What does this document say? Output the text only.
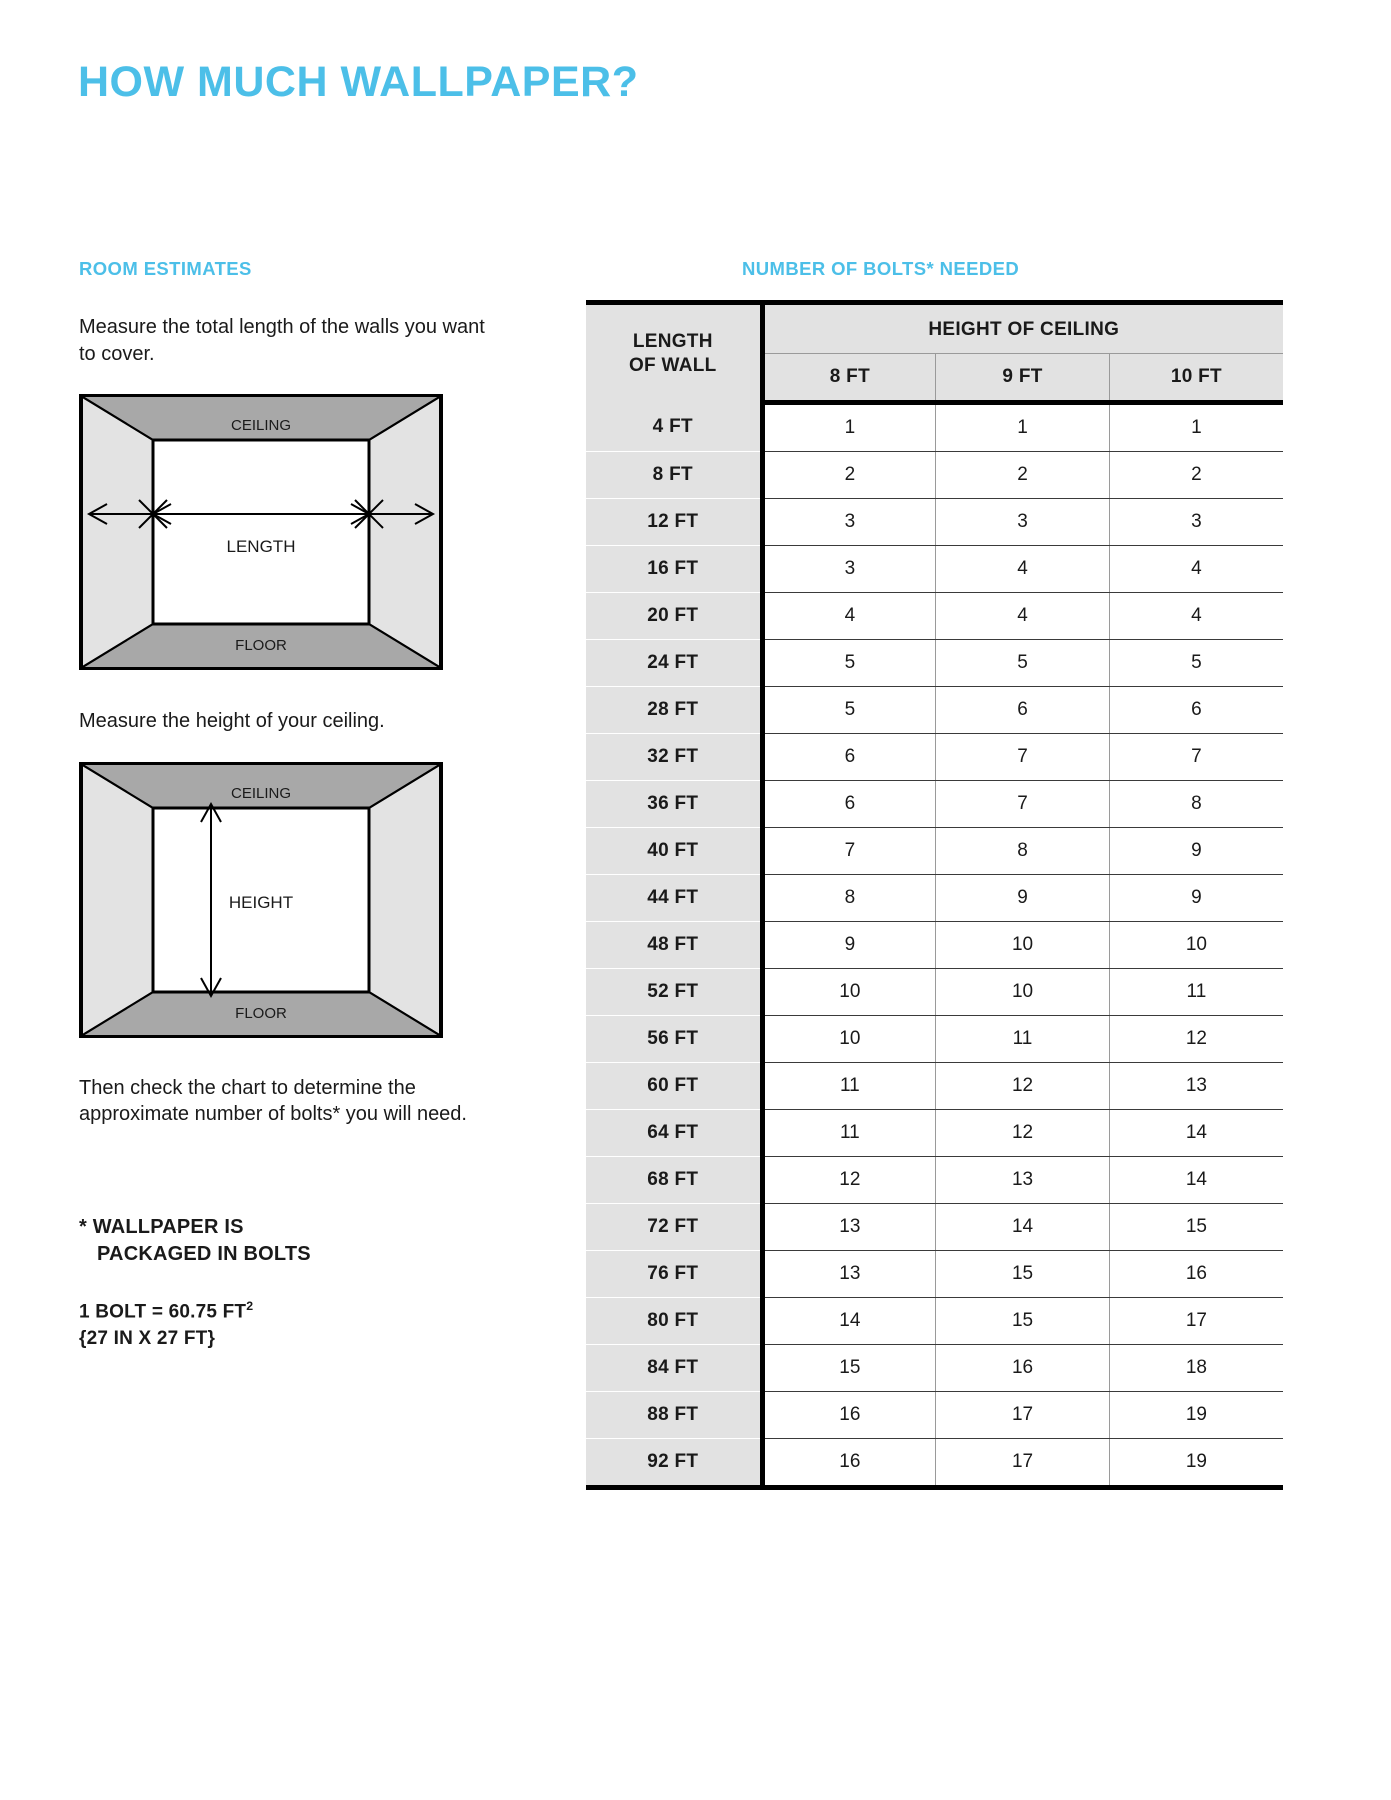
HOW MUCH WALLPAPER?
ROOM ESTIMATES
Measure the total length of the walls you want to cover.
LENGTH
CEILING
FLOOR
Measure the height of your ceiling.
HEIGHT
CEILING
FLOOR
Then check the chart to determine the approximate number of bolts* you will need.
* WALLPAPER IS
PACKAGED IN BOLTS
1 BOLT = 60.75 $FT^2$
{27 IN X 27 FT}
NUMBER OF BOLTS* NEEDED

LENGTH
OF WALL	HEIGHT OF CEILING		
	8 FT	9 FT	10 FT
4 FT	1	1	1
8 FT	2	2	2
12 FT	3	3	3
16 FT	3	4	4
20 FT	4	4	4
24 FT	5	5	5
28 FT	5	6	6
32 FT	6	7	7
36 FT	6	7	8
40 FT	7	8	9
44 FT	8	9	9
48 FT	9	10	10
52 FT	10	10	11
56 FT	10	11	12
60 FT	11	12	13
64 FT	11	12	14
68 FT	12	13	14
72 FT	13	14	15
76 FT	13	15	16
80 FT	14	15	17
84 FT	15	16	18
88 FT	16	17	19
92 FT	16	17	19
